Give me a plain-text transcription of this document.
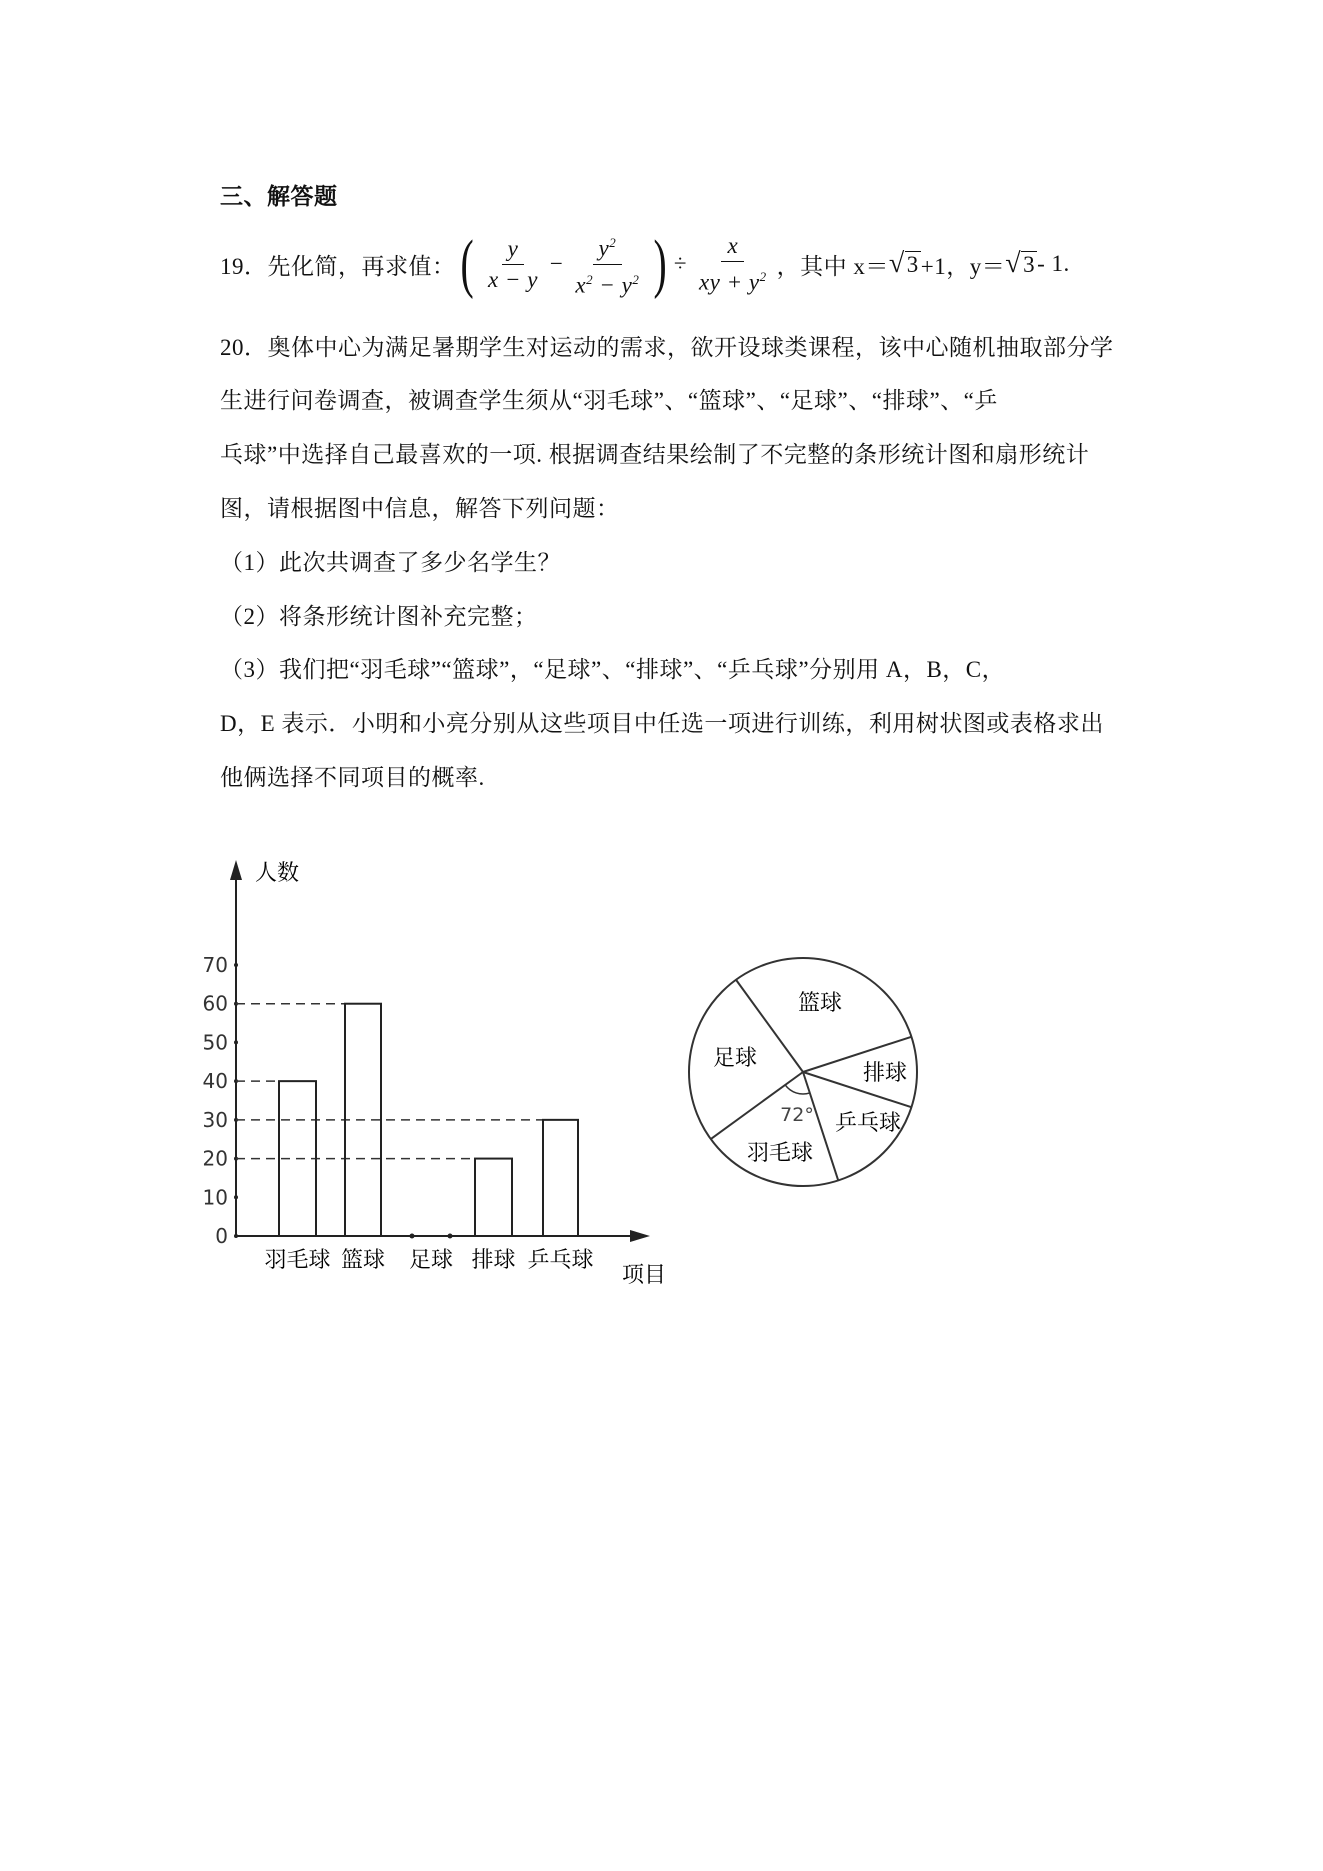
三、解答题
19．先化简，再求值： ( $\frac{y}{x - y} - \frac{y^2}{x^2 - y^2}$ ) ÷ $\frac{x}{xy + y^2}$ ，其中 x＝ √ 3 +1，y＝ √ 3 - 1.
20．奥体中心为满足暑期学生对运动的需求，欲开设球类课程，该中心随机抽取部分学
生进行问卷调查，被调查学生须从“羽毛球”、“篮球”、“足球”、“排球”、“乒
乓球”中选择自己最喜欢的一项. 根据调查结果绘制了不完整的条形统计图和扇形统计
图，请根据图中信息，解答下列问题：
（1）此次共调查了多少名学生？
（2）将条形统计图补充完整；
（3）我们把“羽毛球”“篮球”，“足球”、“排球”、“乒乓球”分别用 A，B，C，
D，E 表示．小明和小亮分别从这些项目中任选一项进行训练，利用树状图或表格求出
他俩选择不同项目的概率.
人数
项目
0
10
20
30
40
50
60
70
羽毛球 篮球 足球 排球 乒乓球
篮球
排球
乒乓球
羽毛球
足球
72°
